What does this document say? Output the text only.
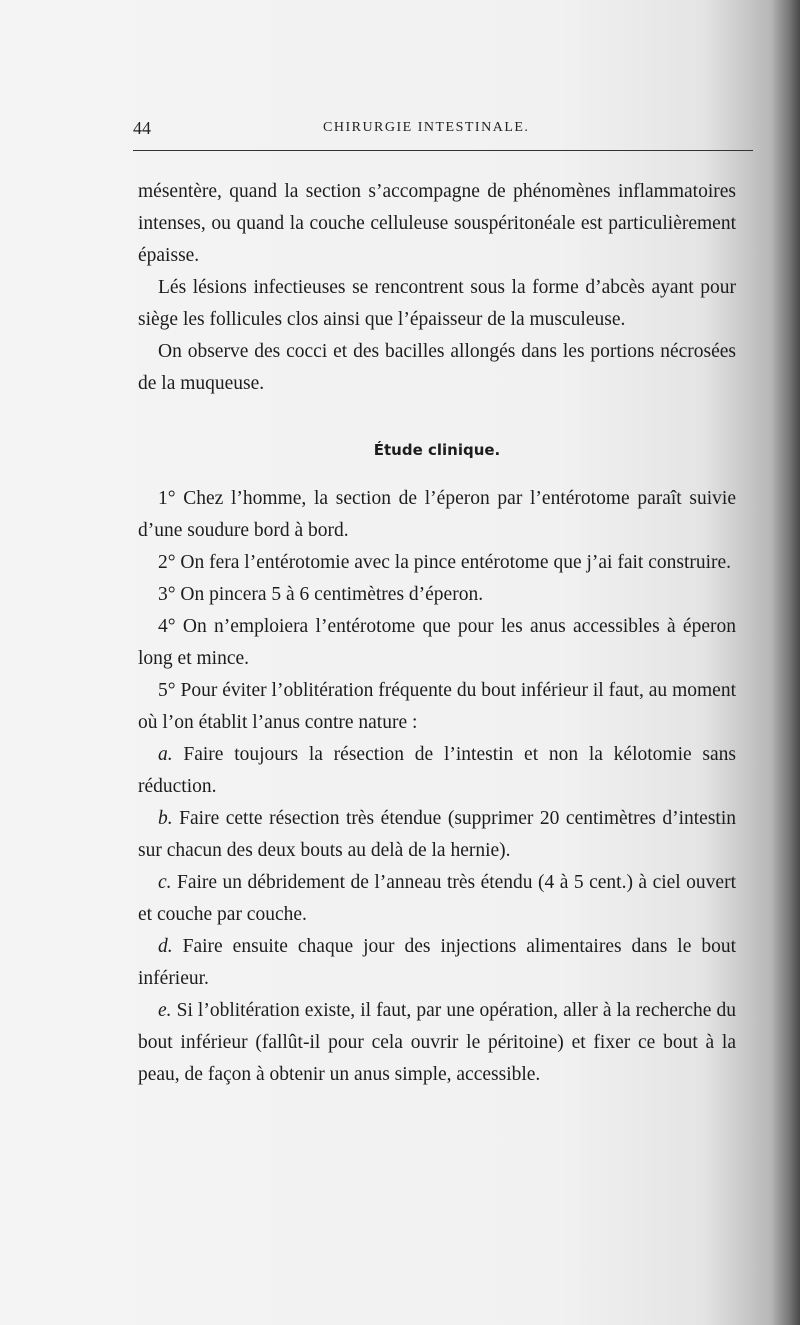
44	CHIRURGIE INTESTINALE.

mésentère, quand la section s’accompagne de phénomènes inflammatoires intenses, ou quand la couche celluleuse souspéritonéale est particulièrement épaisse.

Lés lésions infectieuses se rencontrent sous la forme d’abcès ayant pour siège les follicules clos ainsi que l’épaisseur de la musculeuse.

On observe des cocci et des bacilles allongés dans les portions nécrosées de la muqueuse.

Étude clinique.

1° Chez l’homme, la section de l’éperon par l’entérotome paraît suivie d’une soudure bord à bord.

2° On fera l’entérotomie avec la pince entérotome que j’ai fait construire.

3° On pincera 5 à 6 centimètres d’éperon.

4° On n’emploiera l’entérotome que pour les anus accessibles à éperon long et mince.

5° Pour éviter l’oblitération fréquente du bout inférieur il faut, au moment où l’on établit l’anus contre nature :

a. Faire toujours la résection de l’intestin et non la kélotomie sans réduction.

b. Faire cette résection très étendue (supprimer 20 centimètres d’intestin sur chacun des deux bouts au delà de la hernie).

c. Faire un débridement de l’anneau très étendu (4 à 5 cent.) à ciel ouvert et couche par couche.

d. Faire ensuite chaque jour des injections alimentaires dans le bout inférieur.

e. Si l’oblitération existe, il faut, par une opération, aller à la recherche du bout inférieur (fallût-il pour cela ouvrir le péritoine) et fixer ce bout à la peau, de façon à obtenir un anus simple, accessible.
